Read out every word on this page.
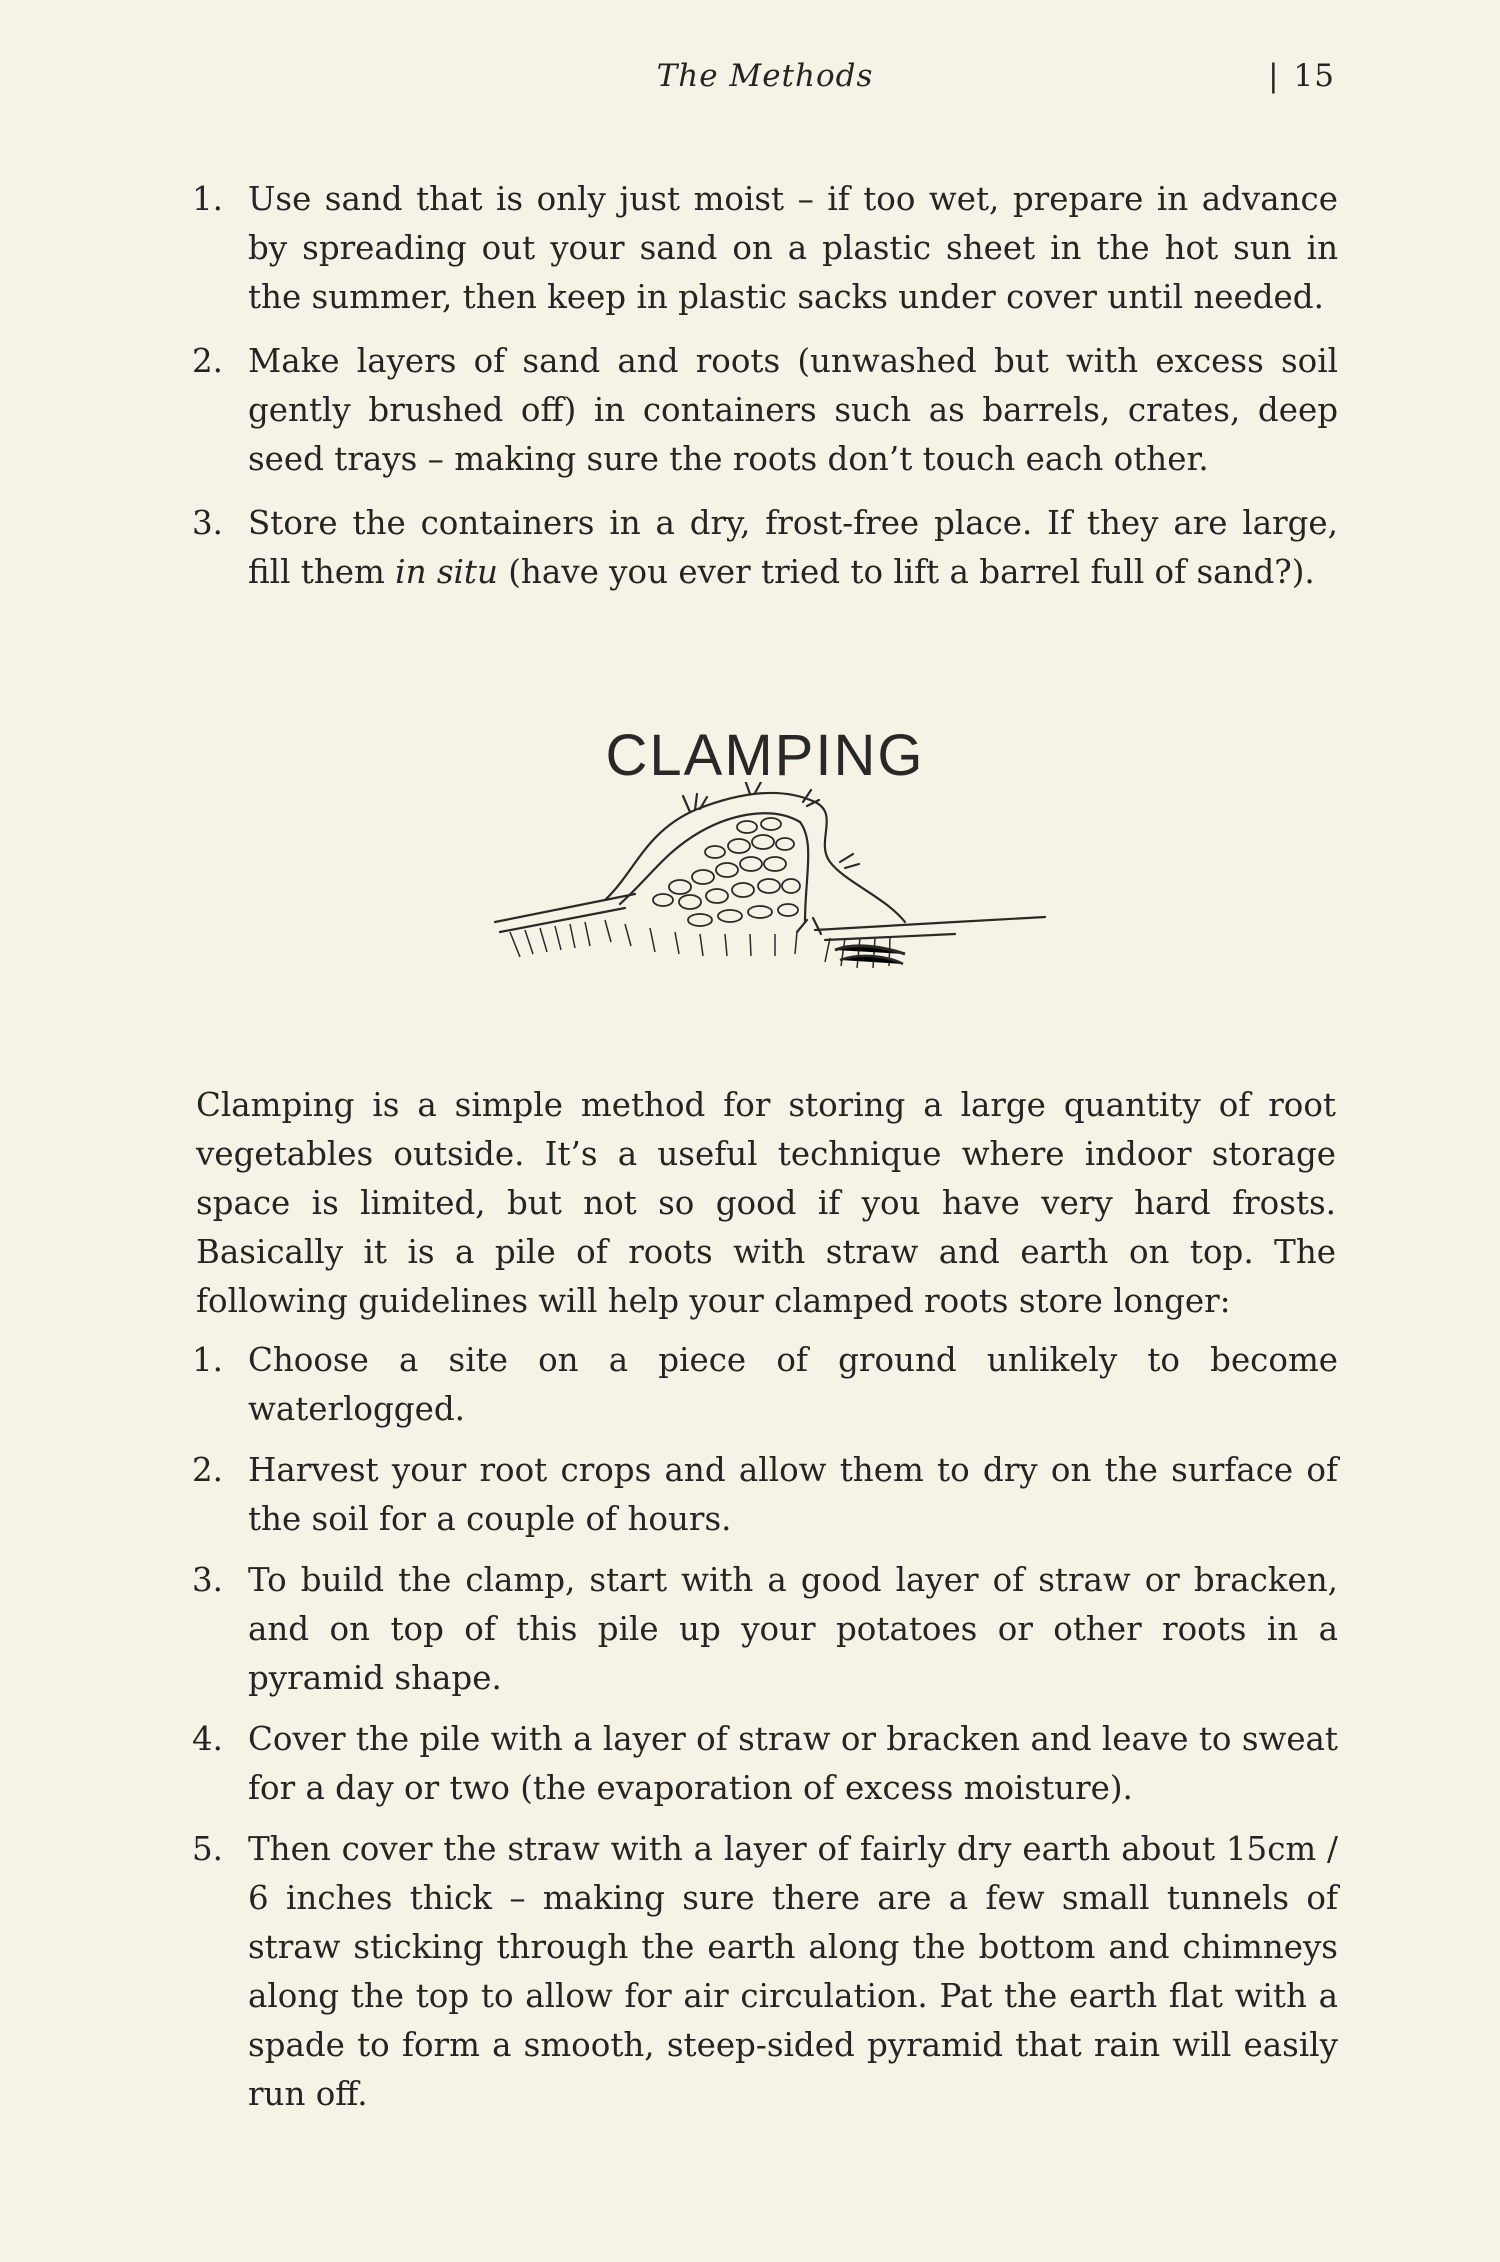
The Methods	| 15
1. Use sand that is only just moist – if too wet, prepare in advance by spreading out your sand on a plastic sheet in the hot sun in the summer, then keep in plastic sacks under cover until needed.
2. Make layers of sand and roots (unwashed but with excess soil gently brushed off) in containers such as barrels, crates, deep seed trays – making sure the roots don’t touch each other.
3. Store the containers in a dry, frost-free place. If they are large, fill them in situ (have you ever tried to lift a barrel full of sand?).
CLAMPING

Clamping is a simple method for storing a large quantity of root vegetables outside. It’s a useful technique where indoor storage space is limited, but not so good if you have very hard frosts. Basically it is a pile of roots with straw and earth on top. The following guidelines will help your clamped roots store longer:

1. Choose a site on a piece of ground unlikely to become waterlogged.
2. Harvest your root crops and allow them to dry on the surface of the soil for a couple of hours.
3. To build the clamp, start with a good layer of straw or bracken, and on top of this pile up your potatoes or other roots in a pyramid shape.
4. Cover the pile with a layer of straw or bracken and leave to sweat for a day or two (the evaporation of excess moisture).
5. Then cover the straw with a layer of fairly dry earth about 15cm / 6 inches thick – making sure there are a few small tunnels of straw sticking through the earth along the bottom and chimneys along the top to allow for air circulation. Pat the earth flat with a spade to form a smooth, steep-sided pyramid that rain will easily run off.
